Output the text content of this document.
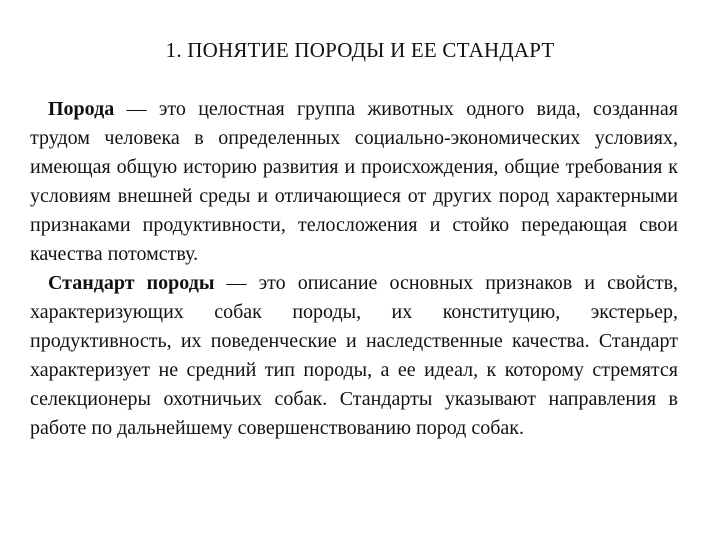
1. ПОНЯТИЕ ПОРОДЫ И ЕЕ СТАНДАРТ

Порода — это целостная группа животных одного вида, созданная трудом человека в определенных социально-экономических условиях, имеющая общую историю развития и происхождения, общие требования к условиям внешней среды и отличающиеся от других пород характерными признаками продуктивности, телосложения и стойко передающая свои качества потомству.

Стандарт породы — это описание основных признаков и свойств, характеризующих собак породы, их конституцию, экстерьер, продуктивность, их поведенческие и наследственные качества. Стандарт характеризует не средний тип породы, а ее идеал, к которому стремятся селекционеры охотничьих собак. Стандарты указывают направления в работе по дальнейшему совершенствованию пород собак.
